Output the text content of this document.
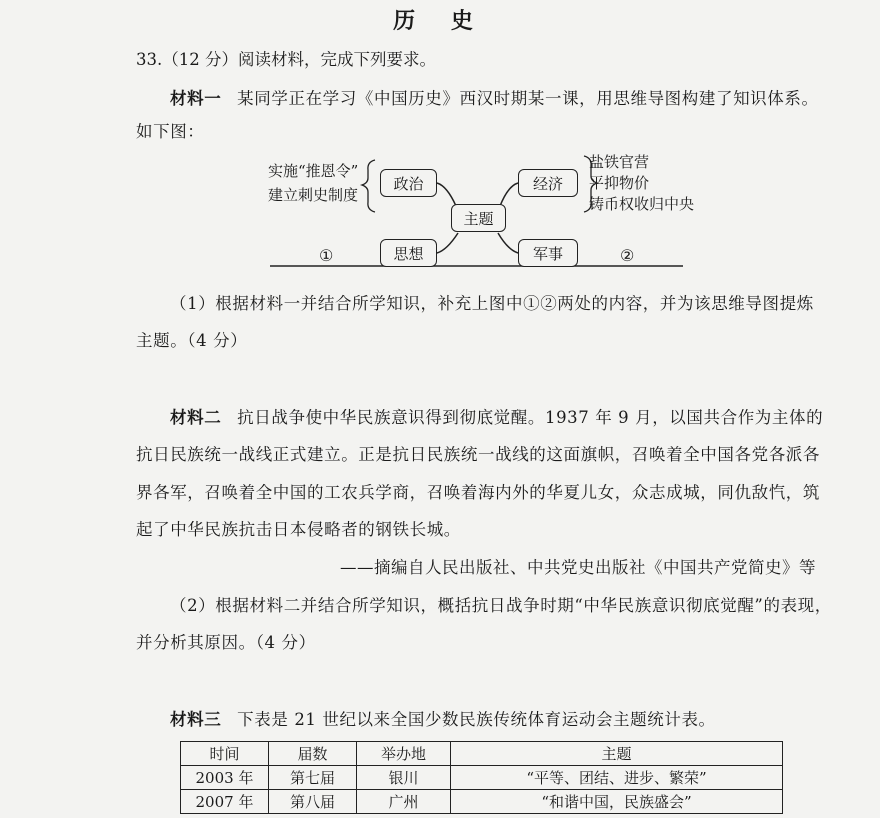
历 史
33.（12 分）阅读材料，完成下列要求。
材料一 某同学正在学习《中国历史》西汉时期某一课，用思维导图构建了知识体系。
如下图：
政治	经济
主题
思想	军事
实施“推恩令”
建立刺史制度
盐铁官营
平抑物价
铸币权收归中央
①	②
（1）根据材料一并结合所学知识，补充上图中①②两处的内容，并为该思维导图提炼
主题。（4 分）
材料二 抗日战争使中华民族意识得到彻底觉醒。1937 年 9 月，以国共合作为主体的
抗日民族统一战线正式建立。正是抗日民族统一战线的这面旗帜，召唤着全中国各党各派各
界各军，召唤着全中国的工农兵学商，召唤着海内外的华夏儿女，众志成城，同仇敌忾，筑
起了中华民族抗击日本侵略者的钢铁长城。
——摘编自人民出版社、中共党史出版社《中国共产党简史》等
（2）根据材料二并结合所学知识，概括抗日战争时期“中华民族意识彻底觉醒”的表现，
并分析其原因。（4 分）
材料三 下表是 21 世纪以来全国少数民族传统体育运动会主题统计表。
时间	届数	举办地	主题
2003 年	第七届	银川	“平等、团结、进步、繁荣”
2007 年	第八届	广州	“和谐中国，民族盛会”
